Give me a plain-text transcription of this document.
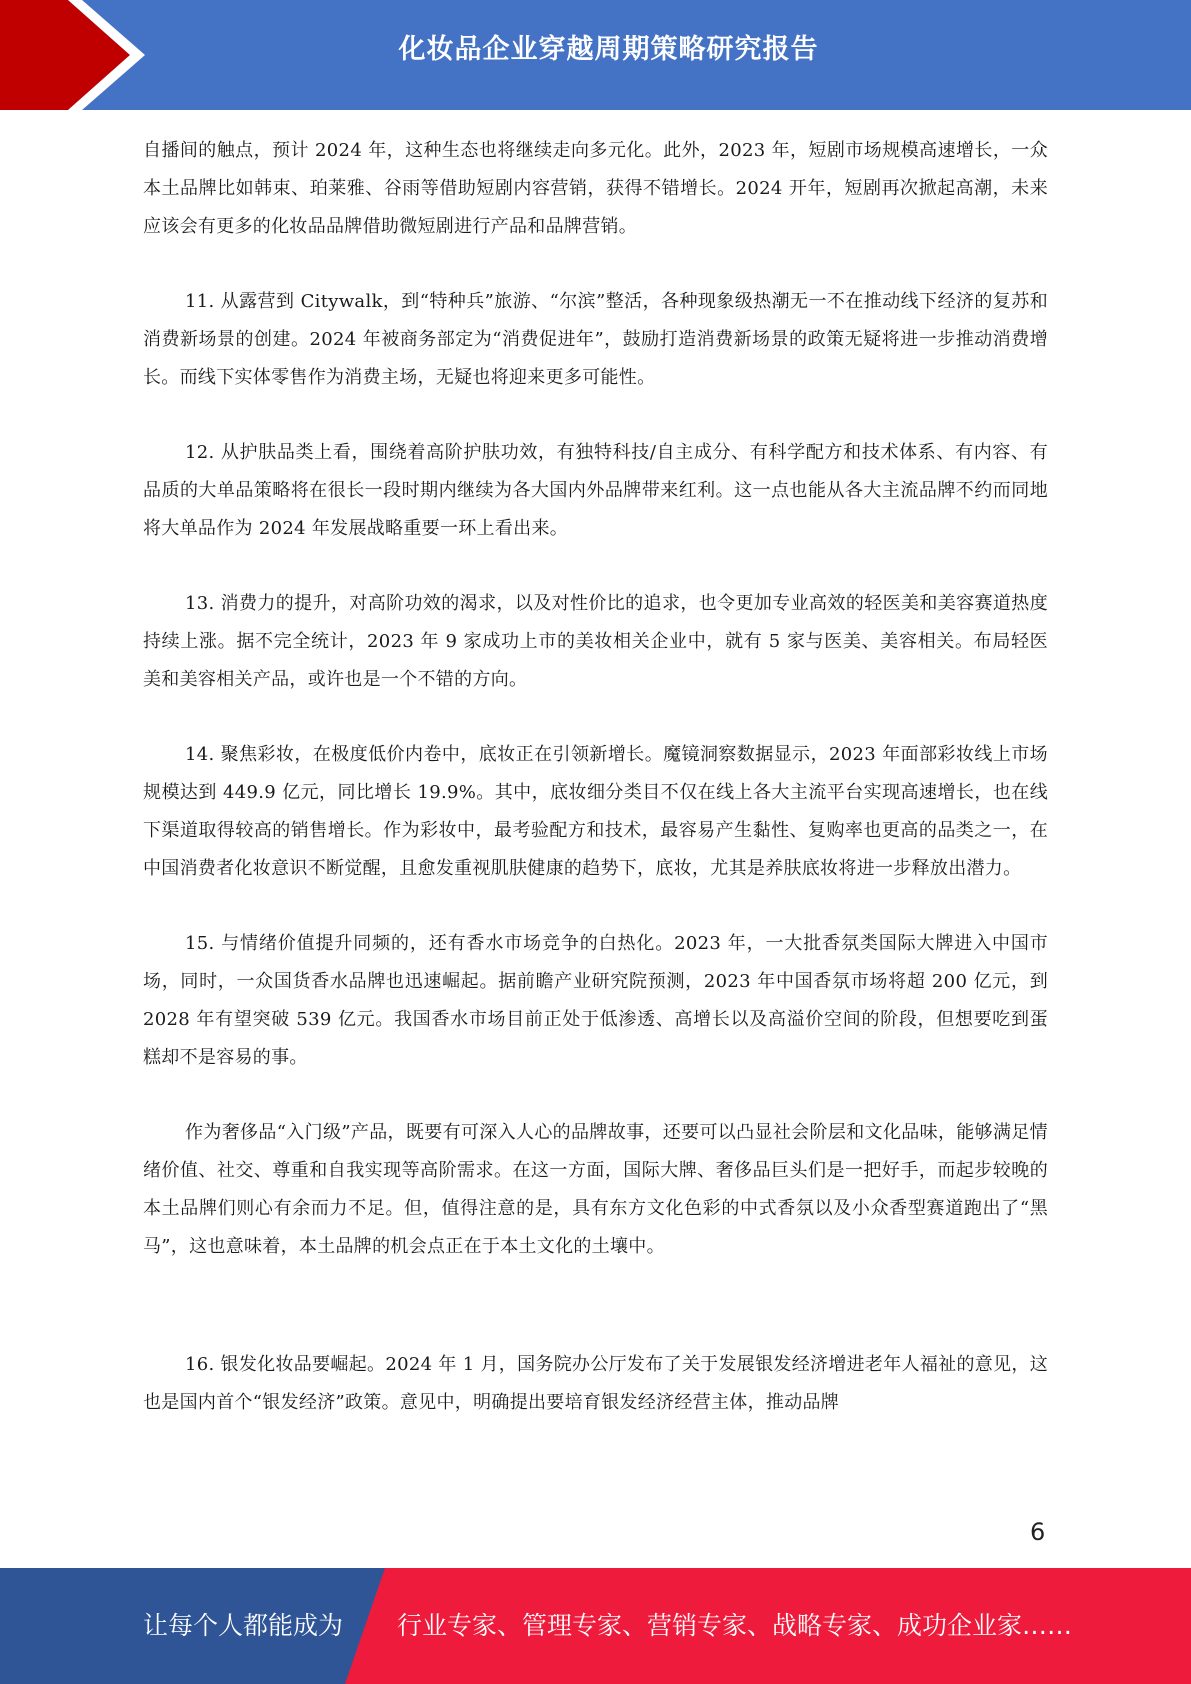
化妆品企业穿越周期策略研究报告

自播间的触点，预计 2024 年，这种生态也将继续走向多元化。此外，2023 年，短剧市场规模高速增长，一众本土品牌比如韩束、珀莱雅、谷雨等借助短剧内容营销，获得不错增长。2024 开年，短剧再次掀起高潮，未来应该会有更多的化妆品品牌借助微短剧进行产品和品牌营销。

11. 从露营到 Citywalk，到“特种兵”旅游、“尔滨”整活，各种现象级热潮无一不在推动线下经济的复苏和消费新场景的创建。2024 年被商务部定为“消费促进年”，鼓励打造消费新场景的政策无疑将进一步推动消费增长。而线下实体零售作为消费主场，无疑也将迎来更多可能性。

12. 从护肤品类上看，围绕着高阶护肤功效，有独特科技/自主成分、有科学配方和技术体系、有内容、有品质的大单品策略将在很长一段时期内继续为各大国内外品牌带来红利。这一点也能从各大主流品牌不约而同地将大单品作为 2024 年发展战略重要一环上看出来。

13. 消费力的提升，对高阶功效的渴求，以及对性价比的追求，也令更加专业高效的轻医美和美容赛道热度持续上涨。据不完全统计，2023 年 9 家成功上市的美妆相关企业中，就有 5 家与医美、美容相关。布局轻医美和美容相关产品，或许也是一个不错的方向。

14. 聚焦彩妆，在极度低价内卷中，底妆正在引领新增长。魔镜洞察数据显示，2023 年面部彩妆线上市场规模达到 449.9 亿元，同比增长 19.9%。其中，底妆细分类目不仅在线上各大主流平台实现高速增长，也在线下渠道取得较高的销售增长。作为彩妆中，最考验配方和技术，最容易产生黏性、复购率也更高的品类之一，在中国消费者化妆意识不断觉醒，且愈发重视肌肤健康的趋势下，底妆，尤其是养肤底妆将进一步释放出潜力。

15. 与情绪价值提升同频的，还有香水市场竞争的白热化。2023 年，一大批香氛类国际大牌进入中国市场，同时，一众国货香水品牌也迅速崛起。据前瞻产业研究院预测，2023 年中国香氛市场将超 200 亿元，到 2028 年有望突破 539 亿元。我国香水市场目前正处于低渗透、高增长以及高溢价空间的阶段，但想要吃到蛋糕却不是容易的事。

作为奢侈品“入门级”产品，既要有可深入人心的品牌故事，还要可以凸显社会阶层和文化品味，能够满足情绪价值、社交、尊重和自我实现等高阶需求。在这一方面，国际大牌、奢侈品巨头们是一把好手，而起步较晚的本土品牌们则心有余而力不足。但，值得注意的是，具有东方文化色彩的中式香氛以及小众香型赛道跑出了“黑马”，这也意味着，本土品牌的机会点正在于本土文化的土壤中。

16. 银发化妆品要崛起。2024 年 1 月，国务院办公厅发布了关于发展银发经济增进老年人福祉的意见，这也是国内首个“银发经济”政策。意见中，明确提出要培育银发经济经营主体，推动品牌

6
让每个人都能成为 行业专家、管理专家、营销专家、战略专家、成功企业家……
